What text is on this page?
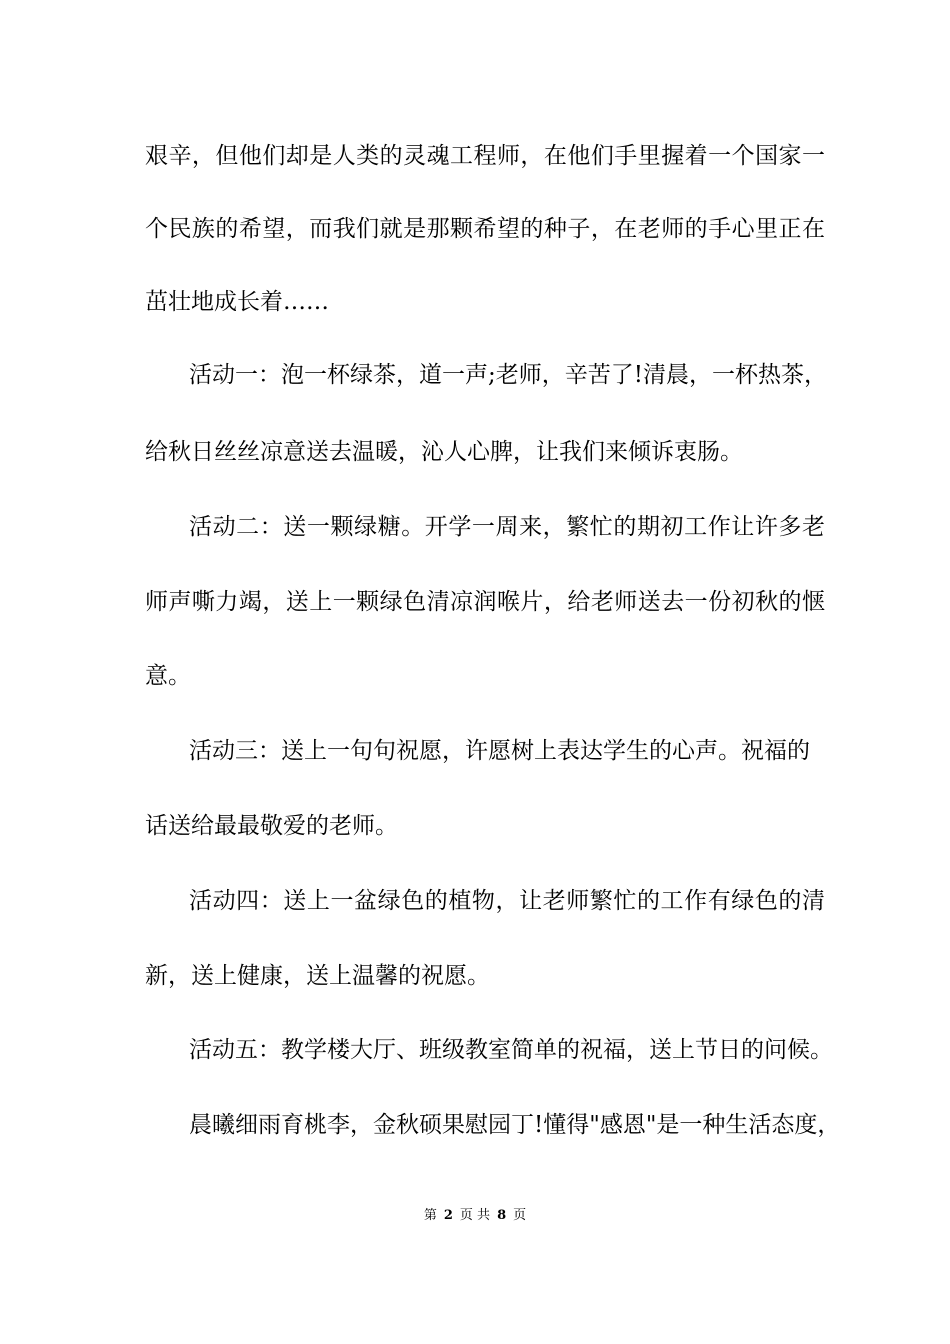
艰辛，但他们却是人类的灵魂工程师，在他们手里握着一个国家一
个民族的希望，而我们就是那颗希望的种子，在老师的手心里正在
茁壮地成长着……
活动一：泡一杯绿茶，道一声;老师，辛苦了!清晨，一杯热茶，
给秋日丝丝凉意送去温暖，沁人心脾，让我们来倾诉衷肠。
活动二：送一颗绿糖。开学一周来，繁忙的期初工作让许多老
师声嘶力竭，送上一颗绿色清凉润喉片，给老师送去一份初秋的惬
意。
活动三：送上一句句祝愿，许愿树上表达学生的心声。祝福的
话送给最最敬爱的老师。
活动四：送上一盆绿色的植物，让老师繁忙的工作有绿色的清
新，送上健康，送上温馨的祝愿。
活动五：教学楼大厅、班级教室简单的祝福，送上节日的问候。
晨曦细雨育桃李，金秋硕果慰园丁!懂得"感恩"是一种生活态度，
第 2 页 共 8 页
